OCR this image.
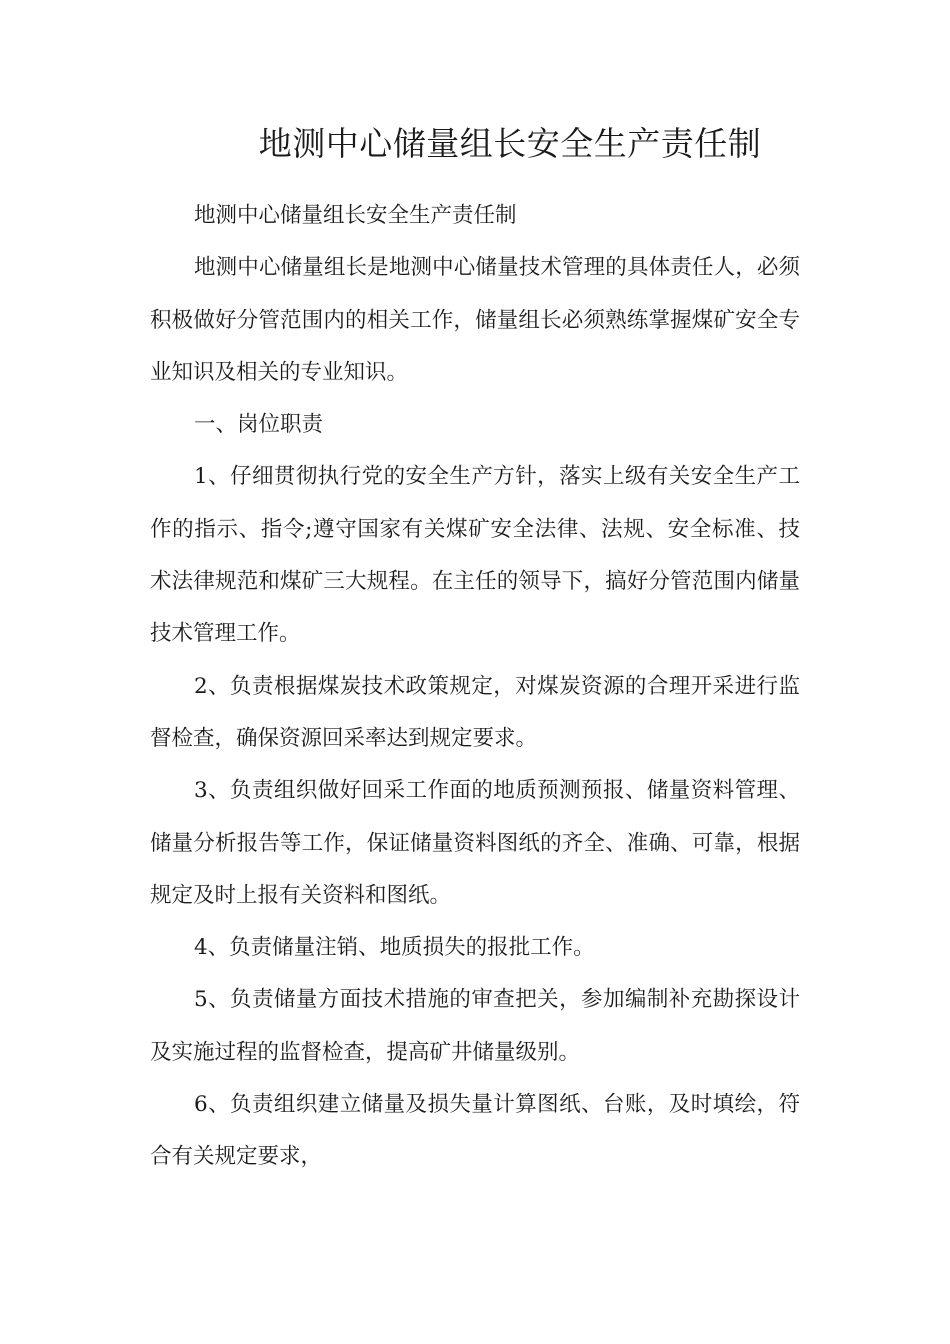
地测中心储量组长安全生产责任制

地测中心储量组长安全生产责任制

地测中心储量组长是地测中心储量技术管理的具体责任人，必须积极做好分管范围内的相关工作，储量组长必须熟练掌握煤矿安全专业知识及相关的专业知识。

一、岗位职责

1、仔细贯彻执行党的安全生产方针，落实上级有关安全生产工作的指示、指令;遵守国家有关煤矿安全法律、法规、安全标准、技术法律规范和煤矿三大规程。在主任的领导下，搞好分管范围内储量技术管理工作。

2、负责根据煤炭技术政策规定，对煤炭资源的合理开采进行监督检查，确保资源回采率达到规定要求。

3、负责组织做好回采工作面的地质预测预报、储量资料管理、储量分析报告等工作，保证储量资料图纸的齐全、准确、可靠，根据规定及时上报有关资料和图纸。

4、负责储量注销、地质损失的报批工作。

5、负责储量方面技术措施的审查把关，参加编制补充勘探设计及实施过程的监督检查，提高矿井储量级别。

6、负责组织建立储量及损失量计算图纸、台账，及时填绘，符合有关规定要求，
